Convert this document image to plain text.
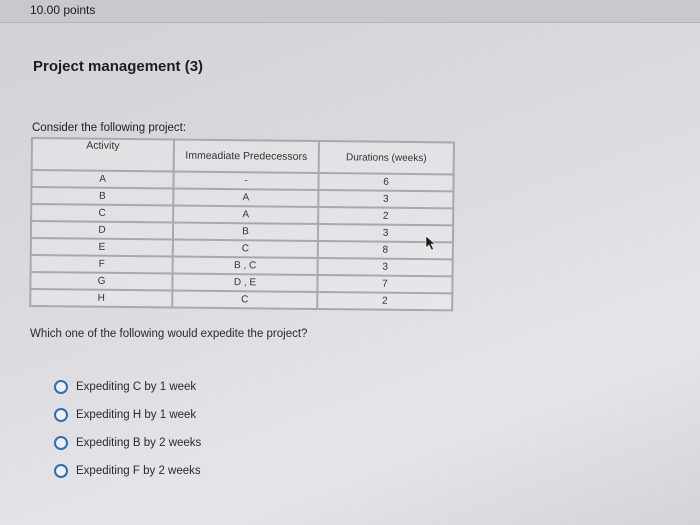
10.00 points
Project management (3)
Consider the following project:
Activity	Immeadiate Predecessors	Durations (weeks)
A	-	6
B	A	3
C	A	2
D	B	3
E	C	8
F	B , C	3
G	D , E	7
H	C	2
Which one of the following would expedite the project?
Expediting C by 1 week
Expediting H by 1 week
Expediting B by 2 weeks
Expediting F by 2 weeks
